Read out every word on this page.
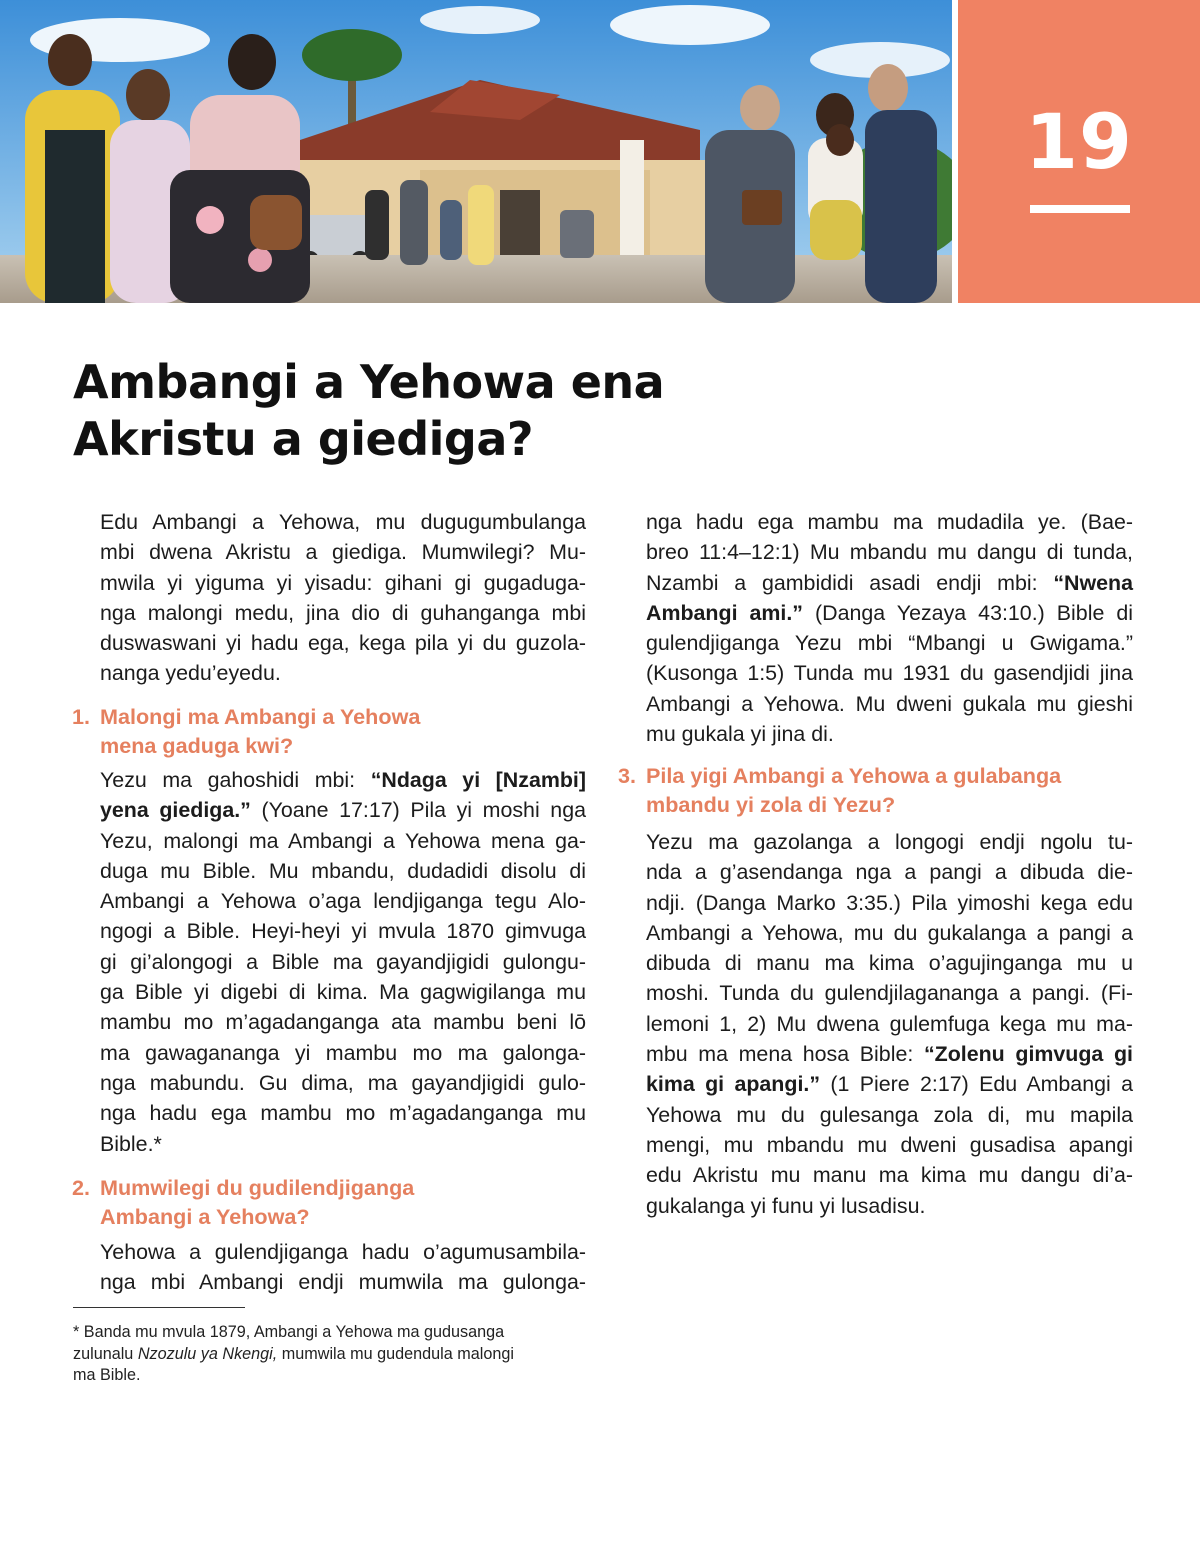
19
Ambangi a Yehowa ena
Akristu a giediga?
Edu Ambangi a Yehowa, mu dugugumbulanga
mbi dwena Akristu a giediga. Mumwilegi? Mu-
mwila yi yiguma yi yisadu: gihani gi gugaduga-
nga malongi medu, jina dio di guhanganga mbi
duswaswani yi hadu ega, kega pila yi du guzola-
nanga yedu’eyedu.
1. Malongi ma Ambangi a Yehowa
mena gaduga kwi?
Yezu ma gahoshidi mbi: “Ndaga yi [Nzambi]
yena giediga.” (Yoane 17:17) Pila yi moshi nga
Yezu, malongi ma Ambangi a Yehowa mena ga-
duga mu Bible. Mu mbandu, dudadidi disolu di
Ambangi a Yehowa o’aga lendjiganga tegu Alo-
ngogi a Bible. Heyi-heyi yi mvula 1870 gimvuga
gi gi’alongogi a Bible ma gayandjigidi gulongu-
ga Bible yi digebi di kima. Ma gagwigilanga mu
mambu mo m’agadanganga ata mambu beni lō
ma gawagananga yi mambu mo ma galonga-
nga mabundu. Gu dima, ma gayandjigidi gulo-
nga hadu ega mambu mo m’agadanganga mu
Bible.*
2. Mumwilegi du gudilendjiganga
Ambangi a Yehowa?
Yehowa a gulendjiganga hadu o’agumusambila-
nga mbi Ambangi endji mumwila ma gulonga-
* Banda mu mvula 1879, Ambangi a Yehowa ma gudusanga
zulunalu Nzozulu ya Nkengi, mumwila mu gudendula malongi
ma Bible.
nga hadu ega mambu ma mudadila ye. (Bae-
breo 11:4–12:1) Mu mbandu mu dangu di tunda,
Nzambi a gambididi asadi endji mbi: “Nwena
Ambangi ami.” (Danga Yezaya 43:10.) Bible di
gulendjiganga Yezu mbi “Mbangi u Gwigama.”
(Kusonga 1:5) Tunda mu 1931 du gasendjidi jina
Ambangi a Yehowa. Mu dweni gukala mu gieshi
mu gukala yi jina di.
3. Pila yigi Ambangi a Yehowa a gulabanga
mbandu yi zola di Yezu?
Yezu ma gazolanga a longogi endji ngolu tu-
nda a g’asendanga nga a pangi a dibuda die-
ndji. (Danga Marko 3:35.) Pila yimoshi kega edu
Ambangi a Yehowa, mu du gukalanga a pangi a
dibuda di manu ma kima o’agujinganga mu u
moshi. Tunda du gulendjilagananga a pangi. (Fi-
lemoni 1, 2) Mu dwena gulemfuga kega mu ma-
mbu ma mena hosa Bible: “Zolenu gimvuga gi
kima gi apangi.” (1 Piere 2:17) Edu Ambangi a
Yehowa mu du gulesanga zola di, mu mapila
mengi, mu mbandu mu dweni gusadisa apangi
edu Akristu mu manu ma kima mu dangu di’a-
gukalanga yi funu yi lusadisu.
